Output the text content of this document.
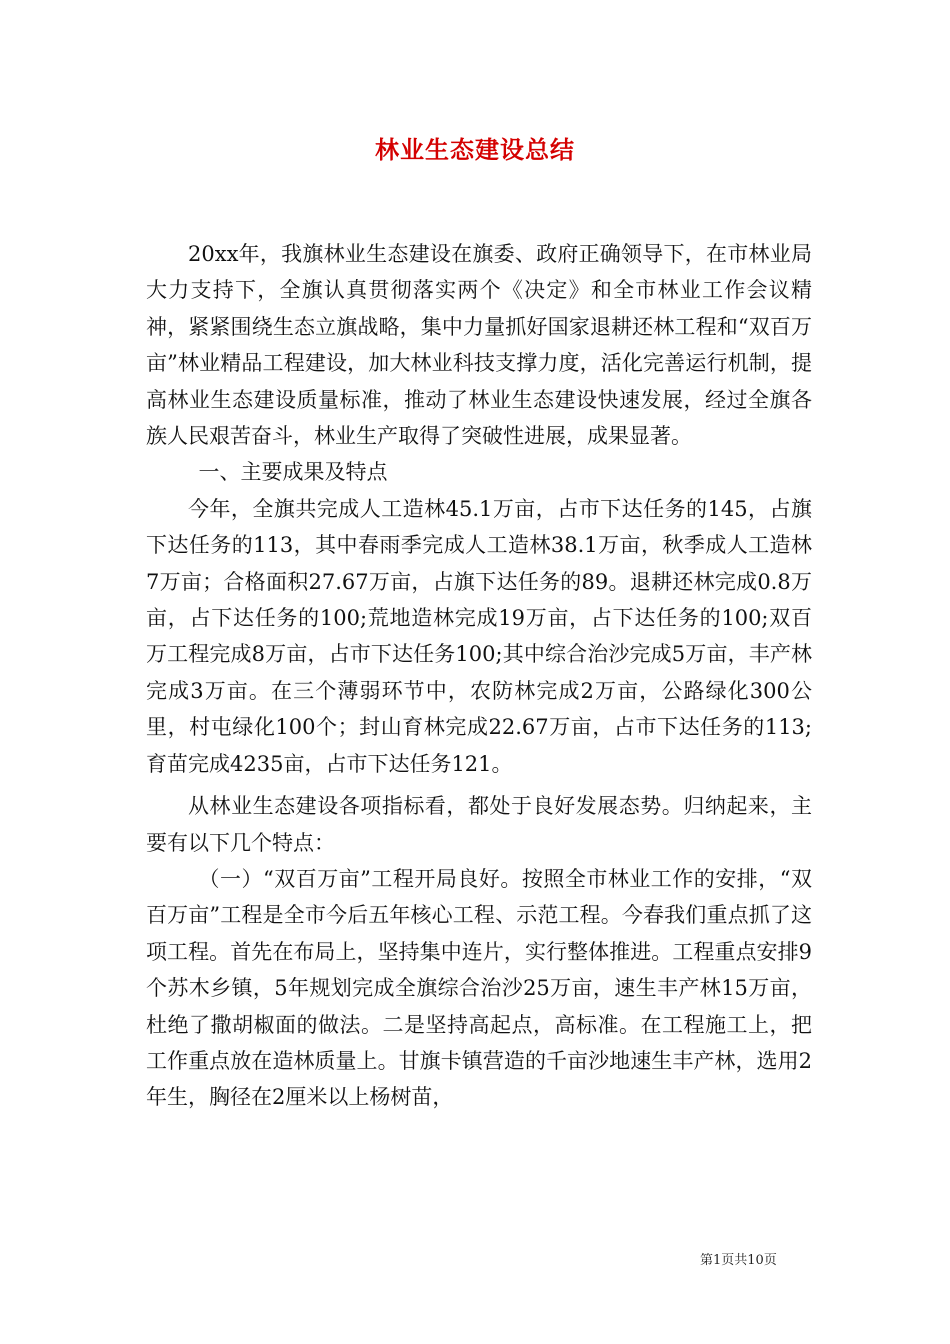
林业生态建设总结

20xx年，我旗林业生态建设在旗委、政府正确领导下，在市林业局大力支持下，全旗认真贯彻落实两个《决定》和全市林业工作会议精神，紧紧围绕生态立旗战略，集中力量抓好国家退耕还林工程和“双百万亩”林业精品工程建设，加大林业科技支撑力度，活化完善运行机制，提高林业生态建设质量标准，推动了林业生态建设快速发展，经过全旗各族人民艰苦奋斗，林业生产取得了突破性进展，成果显著。

一、主要成果及特点

今年，全旗共完成人工造林45.1万亩，占市下达任务的145，占旗下达任务的113，其中春雨季完成人工造林38.1万亩，秋季成人工造林7万亩；合格面积27.67万亩，占旗下达任务的89。退耕还林完成0.8万亩，占下达任务的100;荒地造林完成19万亩，占下达任务的100;双百万工程完成8万亩，占市下达任务100;其中综合治沙完成5万亩，丰产林完成3万亩。在三个薄弱环节中，农防林完成2万亩，公路绿化300公里，村屯绿化100个；封山育林完成22.67万亩，占市下达任务的113;育苗完成4235亩，占市下达任务121。

从林业生态建设各项指标看，都处于良好发展态势。归纳起来，主要有以下几个特点：

（一）“双百万亩”工程开局良好。按照全市林业工作的安排，“双百万亩”工程是全市今后五年核心工程、示范工程。今春我们重点抓了这项工程。首先在布局上，坚持集中连片，实行整体推进。工程重点安排9个苏木乡镇，5年规划完成全旗综合治沙25万亩，速生丰产林15万亩，杜绝了撒胡椒面的做法。二是坚持高起点，高标准。在工程施工上，把工作重点放在造林质量上。甘旗卡镇营造的千亩沙地速生丰产林，选用2年生，胸径在2厘米以上杨树苗，

第1页共10页
